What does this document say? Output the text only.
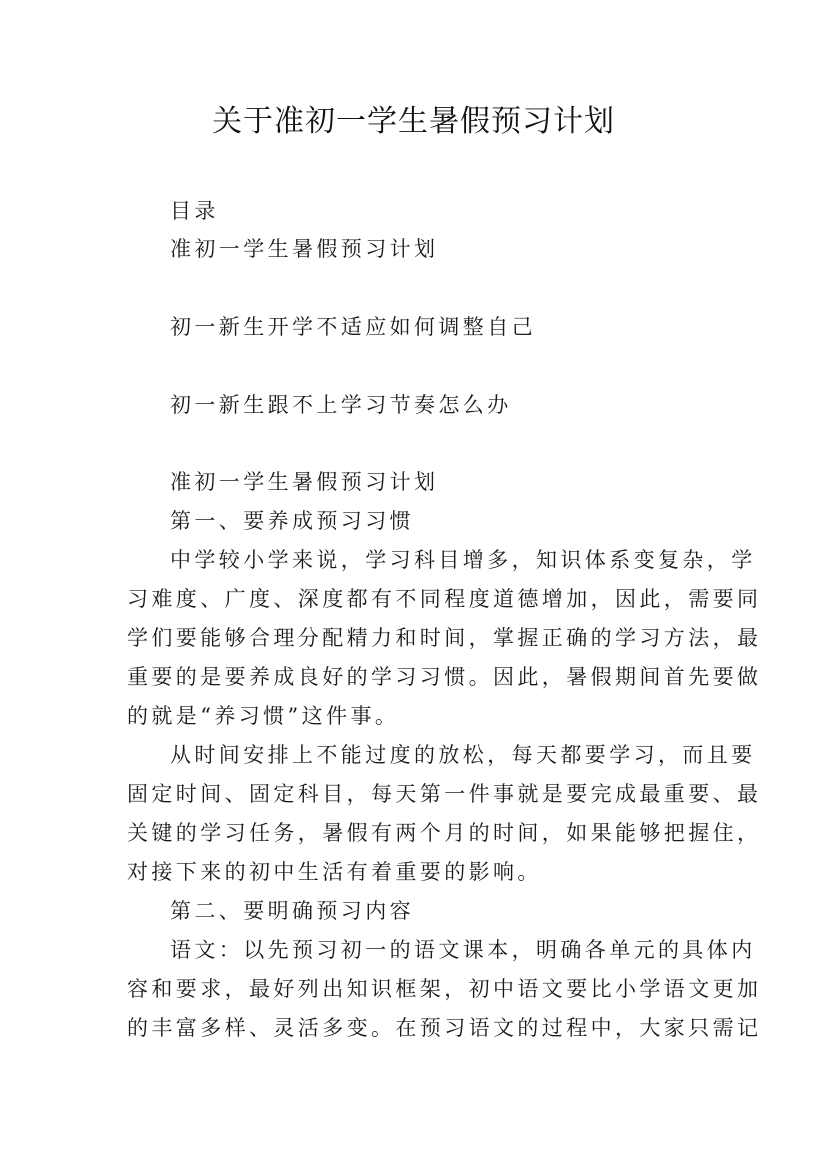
关于准初一学生暑假预习计划
目录
准初一学生暑假预习计划
初一新生开学不适应如何调整自己
初一新生跟不上学习节奏怎么办
准初一学生暑假预习计划
第一、要养成预习习惯
中学较小学来说，学习科目增多，知识体系变复杂，学
习难度、广度、深度都有不同程度道德增加，因此，需要同
学们要能够合理分配精力和时间，掌握正确的学习方法，最
重要的是要养成良好的学习习惯。因此，暑假期间首先要做
的就是“养习惯”这件事。
从时间安排上不能过度的放松，每天都要学习，而且要
固定时间、固定科目，每天第一件事就是要完成最重要、最
关键的学习任务，暑假有两个月的时间，如果能够把握住，
对接下来的初中生活有着重要的影响。
第二、要明确预习内容
语文：以先预习初一的语文课本，明确各单元的具体内
容和要求，最好列出知识框架，初中语文要比小学语文更加
的丰富多样、灵活多变。在预习语文的过程中，大家只需记
